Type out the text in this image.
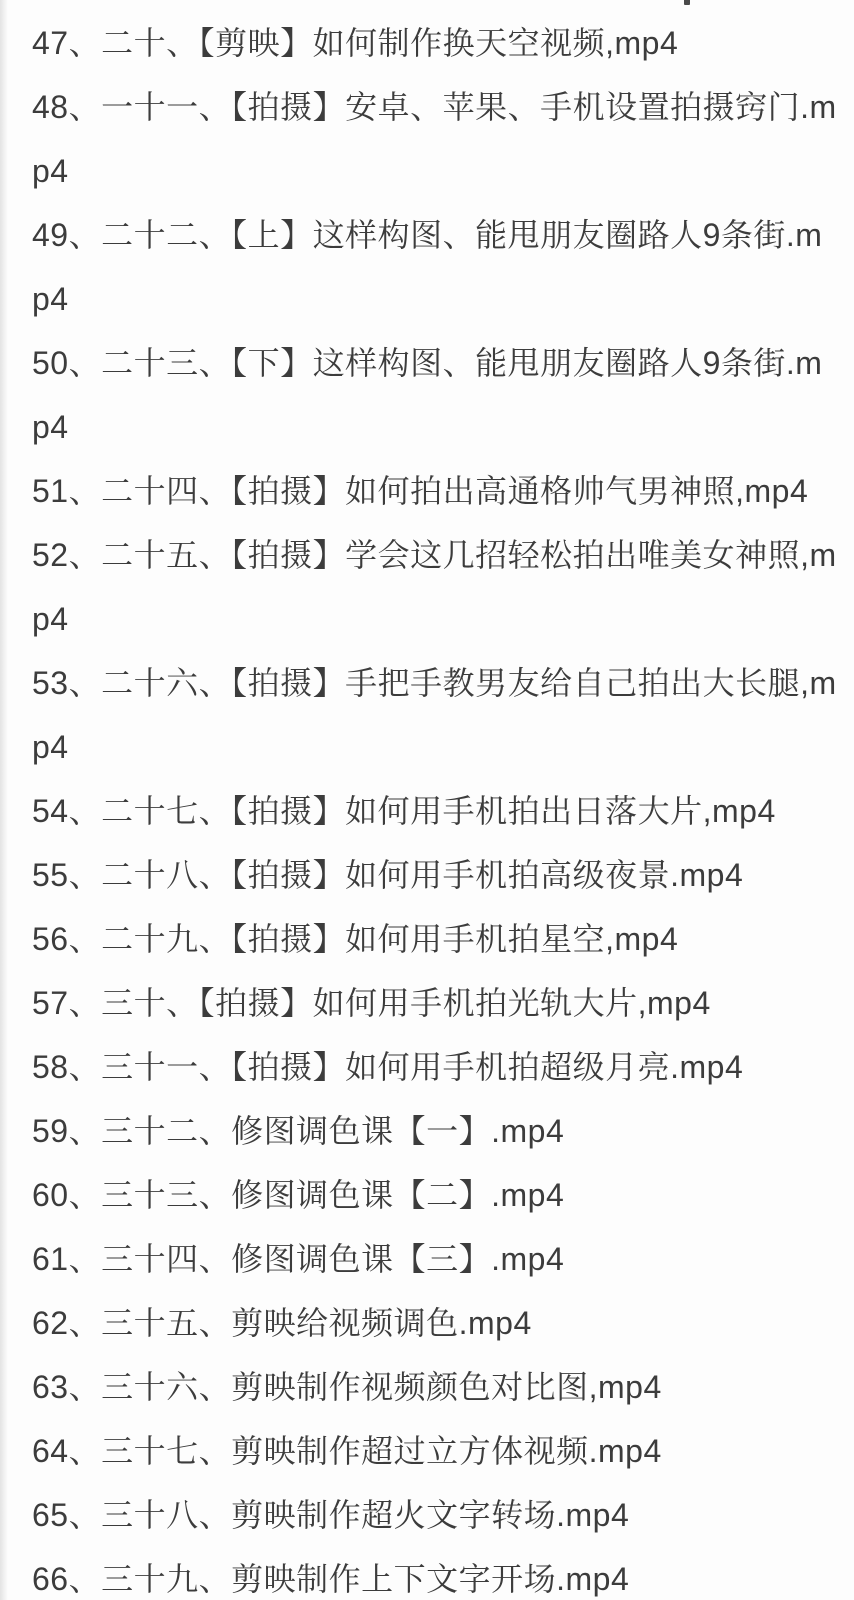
47、二十、【剪映】如何制作换天空视频,mp4
48、一十一、【拍摄】安卓、苹果、手机设置拍摄窍门.m
p4
49、二十二、【上】这样构图、能甩朋友圈路人9条街.m
p4
50、二十三、【下】这样构图、能甩朋友圈路人9条街.m
p4
51、二十四、【拍摄】如何拍出高通格帅气男神照,mp4
52、二十五、【拍摄】学会这几招轻松拍出唯美女神照,m
p4
53、二十六、【拍摄】手把手教男友给自己拍出大长腿,m
p4
54、二十七、【拍摄】如何用手机拍出日落大片,mp4
55、二十八、【拍摄】如何用手机拍高级夜景.mp4
56、二十九、【拍摄】如何用手机拍星空,mp4
57、三十、【拍摄】如何用手机拍光轨大片,mp4
58、三十一、【拍摄】如何用手机拍超级月亮.mp4
59、三十二、修图调色课【一】.mp4
60、三十三、修图调色课【二】.mp4
61、三十四、修图调色课【三】.mp4
62、三十五、剪映给视频调色.mp4
63、三十六、剪映制作视频颜色对比图,mp4
64、三十七、剪映制作超过立方体视频.mp4
65、三十八、剪映制作超火文字转场.mp4
66、三十九、剪映制作上下文字开场.mp4
